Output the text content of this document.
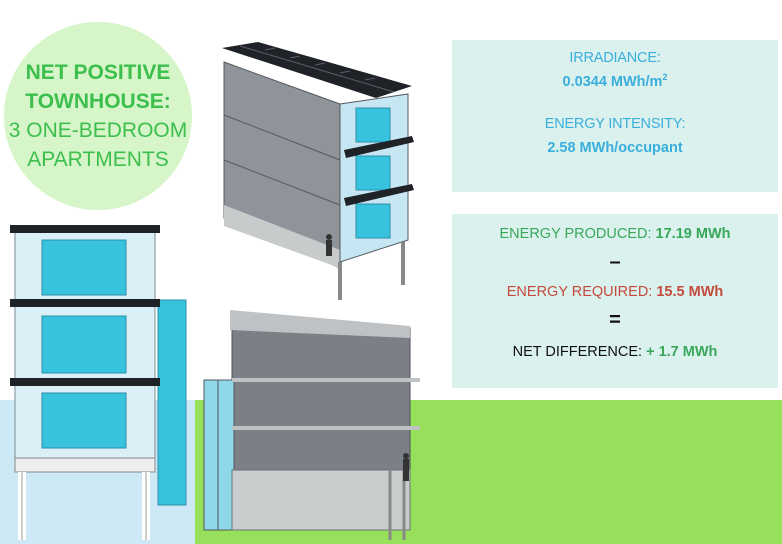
NET POSITIVE
TOWNHOUSE:
3 ONE-BEDROOM
APARTMENTS
IRRADIANCE:
0.0344 MWh/$m^2$
ENERGY INTENSITY:
2.58 MWh/occupant
ENERGY PRODUCED: 17.19 MWh
–
ENERGY REQUIRED: 15.5 MWh
=
NET DIFFERENCE: + 1.7 MWh
